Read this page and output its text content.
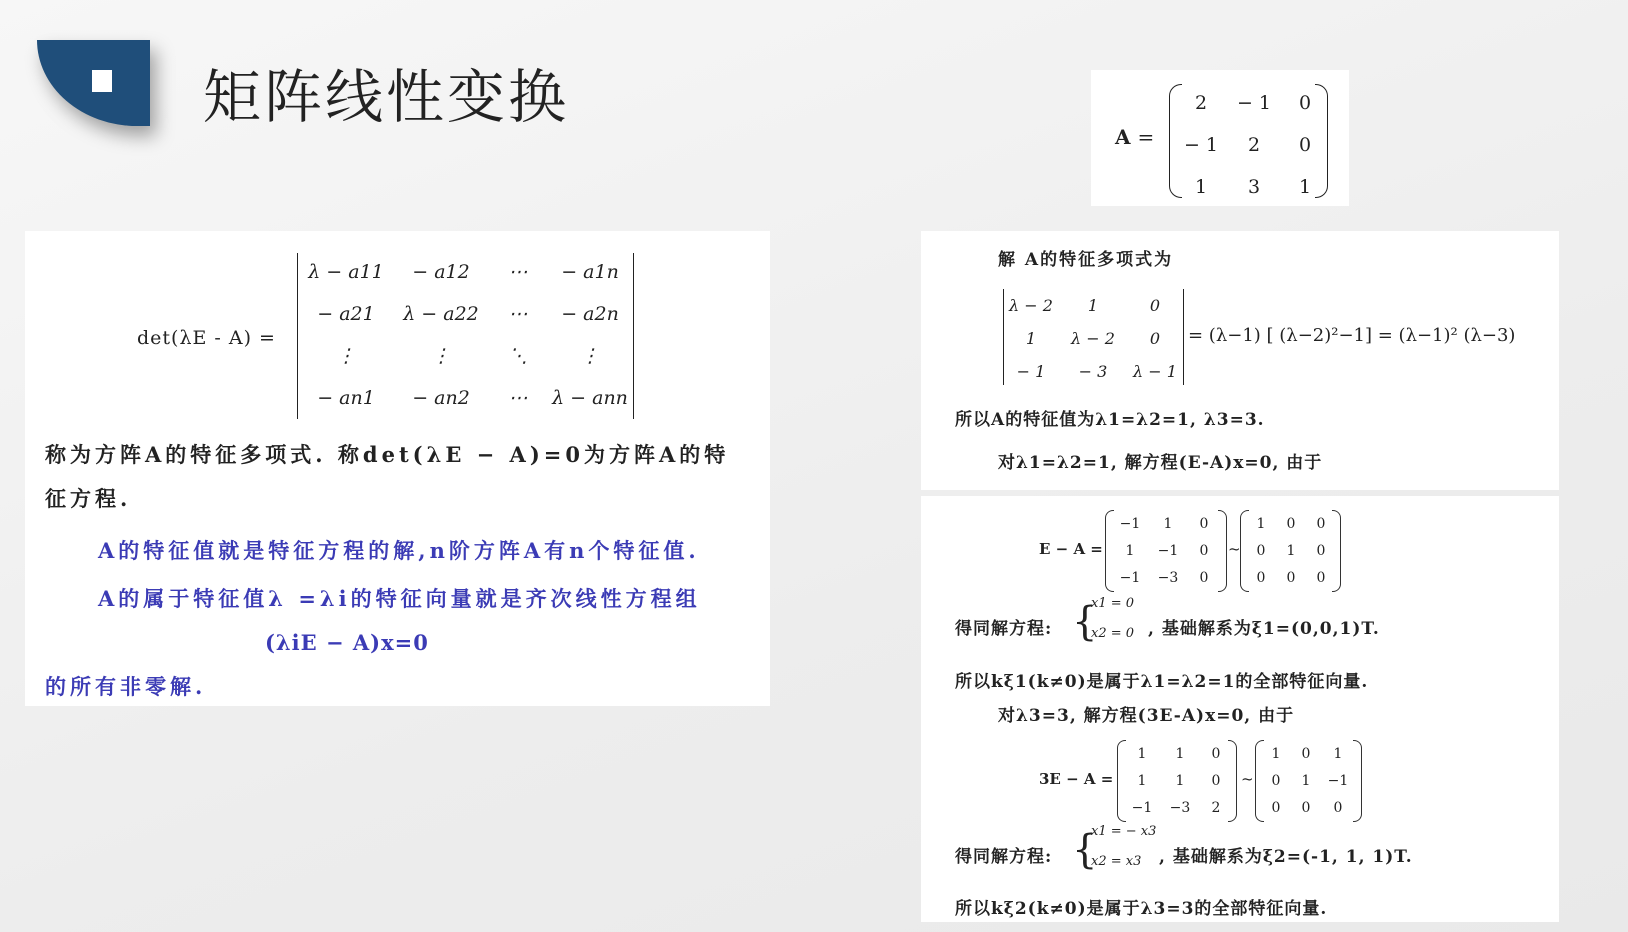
矩阵线性变换
A =
2	− 1	0
− 1	2	0
1	3	1
det(λE - A) =
λ − a11	− a12	⋯	− a1n
− a21	λ − a22	⋯	− a2n
⋮	⋮	⋱	⋮
− an1	− an2	⋯	λ − ann
称为方阵A的特征多项式. 称det(λE − A)=0为方阵A的特
征方程.
A的特征值就是特征方程的解,n阶方阵A有n个特征值.
A的属于特征值λ =λi的特征向量就是齐次线性方程组
(λiE − A)x=0
的所有非零解.
解 A的特征多项式为
λ − 2	1	0
1	λ − 2	0
− 1	− 3	λ − 1
= (λ−1) [ (λ−2)²−1] = (λ−1)² (λ−3)
所以A的特征值为λ1=λ2=1, λ3=3.
对λ1=λ2=1, 解方程(E-A)x=0, 由于
E − A =
−1	1	0
1	−1	0
−1	−3	0
~
1	0	0
0	1	0
0	0	0
得同解方程: {
x1 = 0
x2 = 0 , 基础解系为ξ1=(0,0,1)T.
所以kξ1(k≠0)是属于λ1=λ2=1的全部特征向量.
对λ3=3, 解方程(3E-A)x=0, 由于
3E − A =
1	1	0
1	1	0
−1	−3	2
~
1	0	1
0	1	−1
0	0	0
得同解方程: {
x1 = − x3
x2 = x3 , 基础解系为ξ2=(-1, 1, 1)T.
所以kξ2(k≠0)是属于λ3=3的全部特征向量.
